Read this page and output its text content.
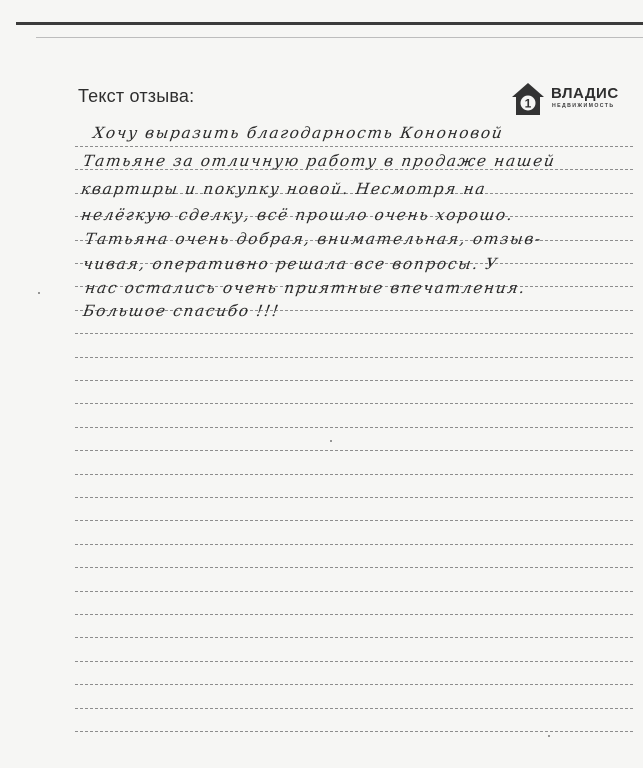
Текст отзыва:	1
ВЛАДИС
НЕДВИЖИМОСТЬ
Хочу выразить благодарность Кононовой
Татьяне за отличную работу в продаже нашей
квартиры и покупку новой. Несмотря на
нелёгкую сделку, всё прошло очень хорошо.
Татьяна очень добрая, внимательная, отзыв-
чивая, оперативно решала все вопросы. У
нас остались очень приятные впечатления.
Большое спасибо !!!
